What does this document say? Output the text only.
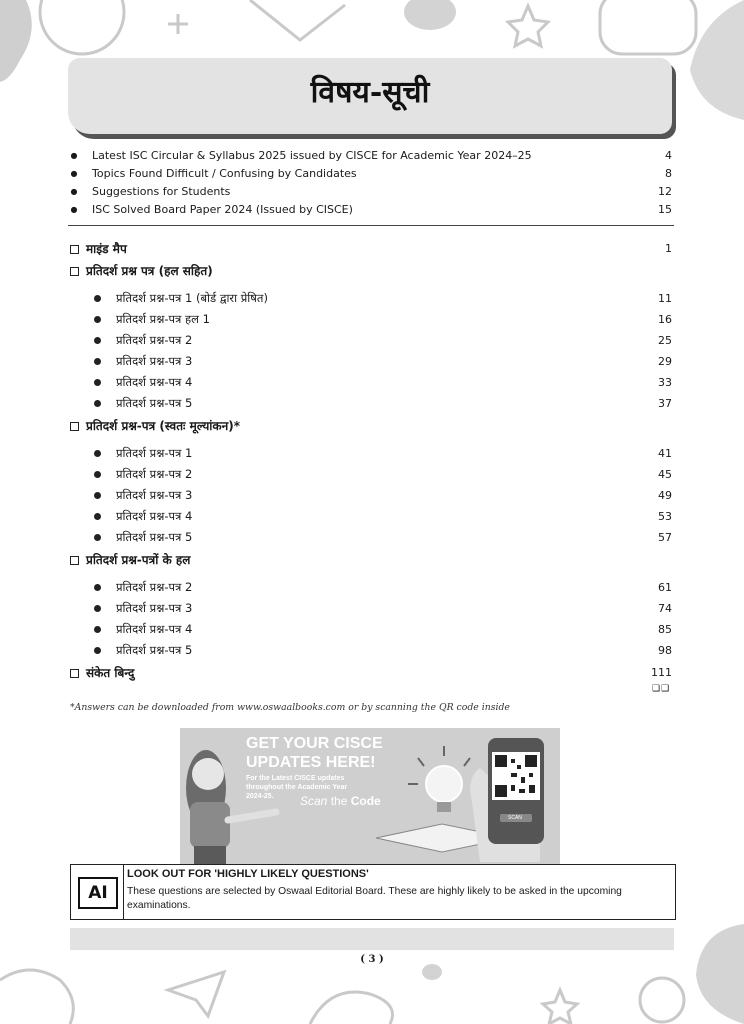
विषय-सूची
● Latest ISC Circular & Syllabus 2025 issued by CISCE for Academic Year 2024–25	4
● Topics Found Difficult / Confusing by Candidates	8
● Suggestions for Students	12
● ISC Solved Board Paper 2024 (Issued by CISCE)	15
माइंड मैप	1
प्रतिदर्श प्रश्न पत्र (हल सहित)
प्रतिदर्श प्रश्न-पत्र 1 (बोर्ड द्वारा प्रेषित)	11
प्रतिदर्श प्रश्न-पत्र हल 1	16
प्रतिदर्श प्रश्न-पत्र 2	25
प्रतिदर्श प्रश्न-पत्र 3	29
प्रतिदर्श प्रश्न-पत्र 4	33
प्रतिदर्श प्रश्न-पत्र 5	37
प्रतिदर्श प्रश्न-पत्र (स्वतः मूल्यांकन)*
प्रतिदर्श प्रश्न-पत्र 1	41
प्रतिदर्श प्रश्न-पत्र 2	45
प्रतिदर्श प्रश्न-पत्र 3	49
प्रतिदर्श प्रश्न-पत्र 4	53
प्रतिदर्श प्रश्न-पत्र 5	57
प्रतिदर्श प्रश्न-पत्रों के हल
प्रतिदर्श प्रश्न-पत्र 2	61
प्रतिदर्श प्रश्न-पत्र 3	74
प्रतिदर्श प्रश्न-पत्र 4	85
प्रतिदर्श प्रश्न-पत्र 5	98
संकेत बिन्दु	111
❑❑
*Answers can be downloaded from www.oswaalbooks.com or by scanning the QR code inside
GET YOUR CISCE UPDATES HERE!
For the Latest CISCE updates throughout the Academic Year 2024-25.	Scan the Code
SCAN
AI
LOOK OUT FOR 'HIGHLY LIKELY QUESTIONS'
These questions are selected by Oswaal Editorial Board. These are highly likely to be asked in the upcoming examinations.
( 3 )
